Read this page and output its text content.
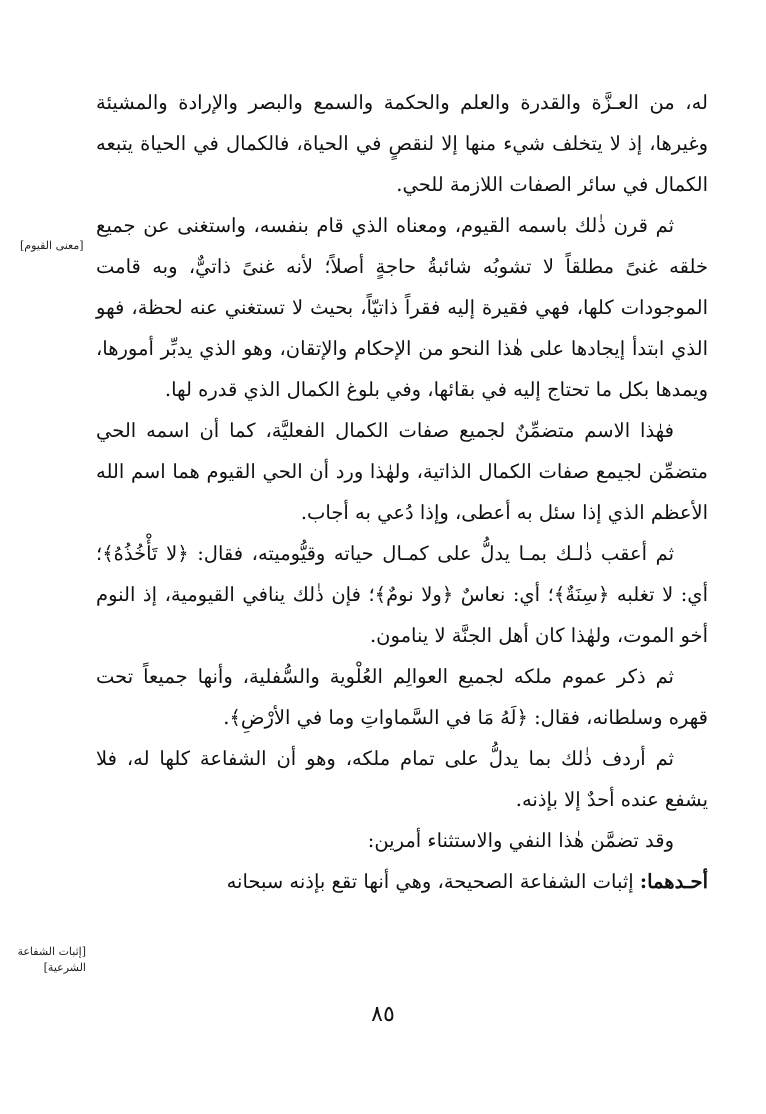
[معنى القيوم]
[إثبات الشفاعة الشرعية]

له، من العـزَّة والقدرة والعلم والحكمة والسمع والبصر والإرادة والمشيئة وغيرها، إذ لا يتخلف شيء منها إلا لنقصٍ في الحياة، فالكمال في الحياة يتبعه الكمال في سائر الصفات اللازمة للحي.

ثم قرن ذٰلك باسمه القيوم، ومعناه الذي قام بنفسه، واستغنى عن جميع خلقه غنىً مطلقاً لا تشوبُه شائبةُ حاجةٍ أصلاً؛ لأنه غنىً ذاتيٌّ، وبه قامت الموجودات كلها، فهي فقيرة إليه فقراً ذاتيّاً، بحيث لا تستغني عنه لحظة، فهو الذي ابتدأ إيجادها على هٰذا النحو من الإحكام والإتقان، وهو الذي يدبِّر أمورها، ويمدها بكل ما تحتاج إليه في بقائها، وفي بلوغ الكمال الذي قدره لها.

فهٰذا الاسم متضمِّنٌ لجميع صفات الكمال الفعليَّة، كما أن اسمه الحي متضمِّن لجيمع صفات الكمال الذاتية، ولهٰذا ورد أن الحي القيوم هما اسم الله الأعظم الذي إذا سئل به أعطى، وإذا دُعي به أجاب.

ثم أعقب ذٰلـك بمـا يدلُّ على كمـال حياته وقيُّوميته، فقال: ﴿لا تَأْخُذُهُ﴾؛ أي: لا تغلبه ﴿سِنَةٌ﴾؛ أي: نعاسٌ ﴿ولا نومٌ﴾؛ فإن ذٰلك ينافي القيومية، إذ النوم أخو الموت، ولهٰذا كان أهل الجنَّة لا ينامون.

ثم ذكر عموم ملكه لجميع العوالِم العُلْوية والسُّفلية، وأنها جميعاً تحت قهره وسلطانه، فقال: ﴿لَهُ مَا في السَّماواتِ وما في الأرْضِ﴾.

ثم أردف ذٰلك بما يدلُّ على تمام ملكه، وهو أن الشفاعة كلها له، فلا يشفع عنده أحدٌ إلا بإذنه.

وقد تضمَّن هٰذا النفي والاستثناء أمرين:

أحـدهما: إثبات الشفاعة الصحيحة، وهي أنها تقع بإذنه سبحانه

٨٥
